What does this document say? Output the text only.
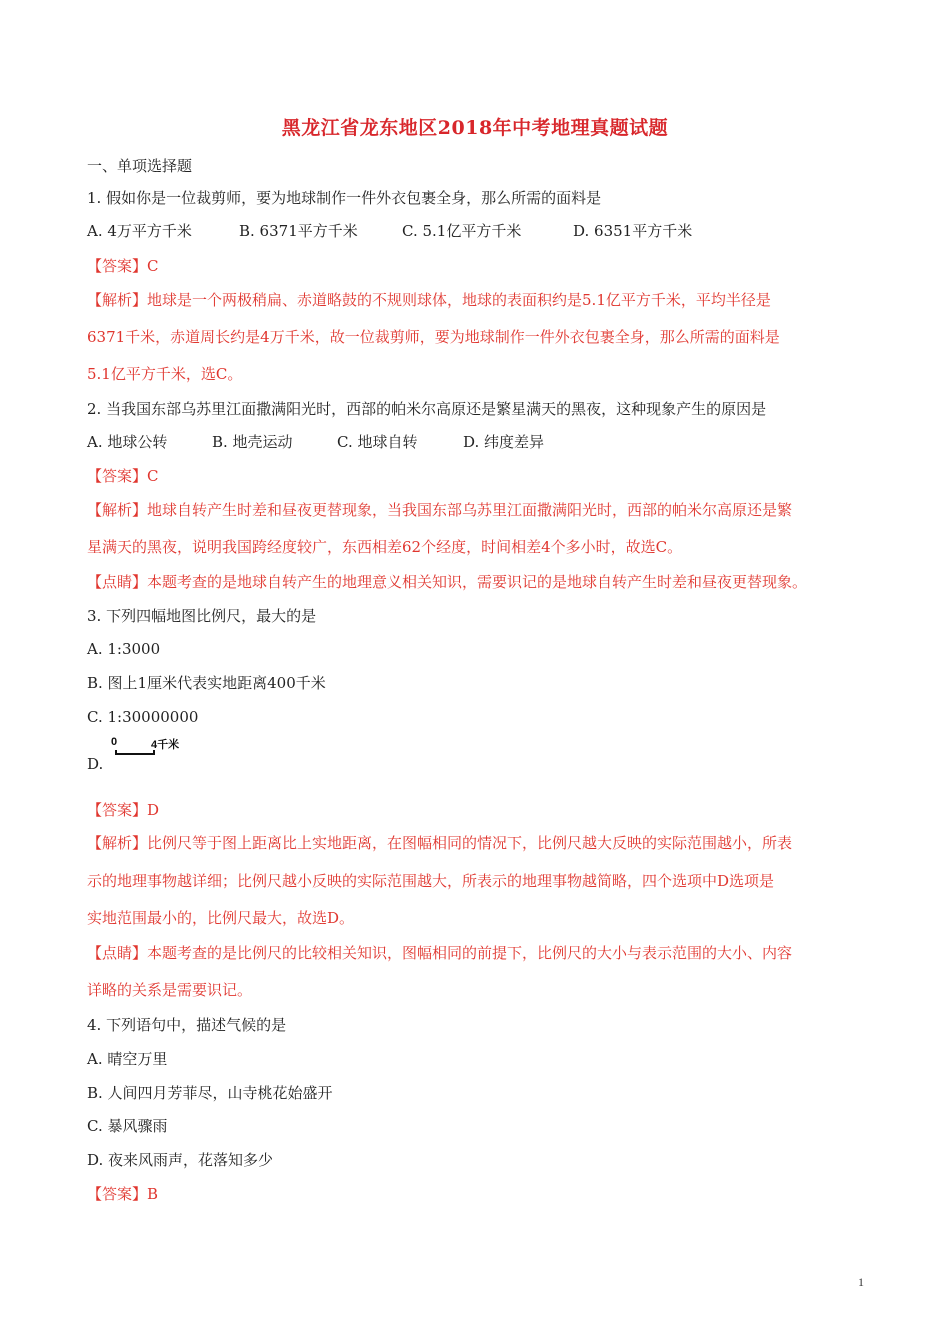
黑龙江省龙东地区2018年中考地理真题试题
一、单项选择题
1. 假如你是一位裁剪师，要为地球制作一件外衣包裹全身，那么所需的面料是
A. 4万平方千米	B. 6371平方千米	C. 5.1亿平方千米	D. 6351平方千米
【答案】C
【解析】地球是一个两极稍扁、赤道略鼓的不规则球体，地球的表面积约是5.1亿平方千米，平均半径是
6371千米，赤道周长约是4万千米，故一位裁剪师，要为地球制作一件外衣包裹全身，那么所需的面料是
5.1亿平方千米，选C。
2. 当我国东部乌苏里江面撒满阳光时，西部的帕米尔高原还是繁星满天的黑夜，这种现象产生的原因是
A. 地球公转	B. 地壳运动	C. 地球自转	D. 纬度差异
【答案】C
【解析】地球自转产生时差和昼夜更替现象，当我国东部乌苏里江面撒满阳光时，西部的帕米尔高原还是繁
星满天的黑夜，说明我国跨经度较广，东西相差62个经度，时间相差4个多小时，故选C。
【点睛】本题考查的是地球自转产生的地理意义相关知识，需要识记的是地球自转产生时差和昼夜更替现象。
3. 下列四幅地图比例尺，最大的是
A. 1:3000
B. 图上1厘米代表实地距离400千米
C. 1:30000000
0	4千米
D.
【答案】D
【解析】比例尺等于图上距离比上实地距离，在图幅相同的情况下，比例尺越大反映的实际范围越小，所表
示的地理事物越详细；比例尺越小反映的实际范围越大，所表示的地理事物越简略，四个选项中D选项是
实地范围最小的，比例尺最大，故选D。
【点睛】本题考查的是比例尺的比较相关知识，图幅相同的前提下，比例尺的大小与表示范围的大小、内容
详略的关系是需要识记。
4. 下列语句中，描述气候的是
A. 晴空万里
B. 人间四月芳菲尽，山寺桃花始盛开
C. 暴风骤雨
D. 夜来风雨声，花落知多少
【答案】B
1
